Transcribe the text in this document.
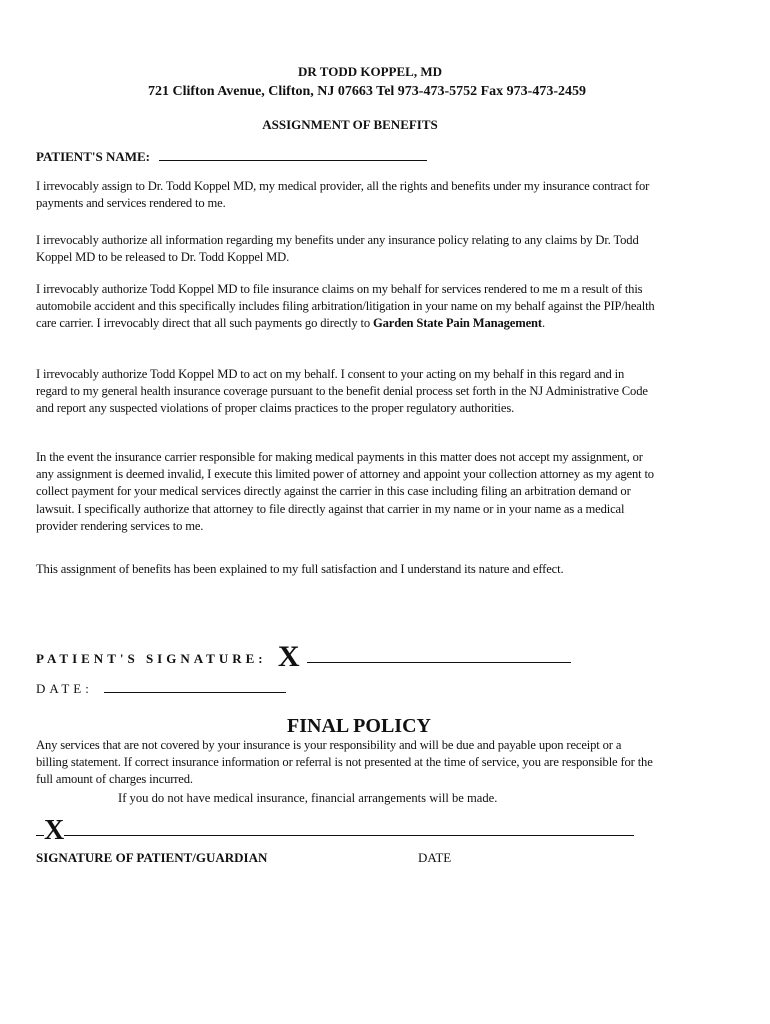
DR TODD KOPPEL, MD
721 Clifton Avenue, Clifton, NJ 07663 Tel 973-473-5752 Fax 973-473-2459
ASSIGNMENT OF BENEFITS
PATIENT'S NAME:
I irrevocably assign to Dr. Todd Koppel MD, my medical provider, all the rights and benefits under my insurance contract for payments and services rendered to me.
I irrevocably authorize all information regarding my benefits under any insurance policy relating to any claims by Dr. Todd Koppel MD to be released to Dr. Todd Koppel MD.
I irrevocably authorize Todd Koppel MD to file insurance claims on my behalf for services rendered to me m a result of this automobile accident and this specifically includes filing arbitration/litigation in your name on my behalf against the PIP/health care carrier. I irrevocably direct that all such payments go directly to Garden State Pain Management.
I irrevocably authorize Todd Koppel MD to act on my behalf. I consent to your acting on my behalf in this regard and in regard to my general health insurance coverage pursuant to the benefit denial process set forth in the NJ Administrative Code and report any suspected violations of proper claims practices to the proper regulatory authorities.
In the event the insurance carrier responsible for making medical payments in this matter does not accept my assignment, or any assignment is deemed invalid, I execute this limited power of attorney and appoint your collection attorney as my agent to collect payment for your medical services directly against the carrier in this case including filing an arbitration demand or lawsuit. I specifically authorize that attorney to file directly against that carrier in my name or in your name as a medical provider rendering services to me.
This assignment of benefits has been explained to my full satisfaction and I understand its nature and effect.
PATIENT'S SIGNATURE: X
DATE:
FINAL POLICY
Any services that are not covered by your insurance is your responsibility and will be due and payable upon receipt or a billing statement. If correct insurance information or referral is not presented at the time of service, you are responsible for the full amount of charges incurred.
If you do not have medical insurance, financial arrangements will be made.
X
SIGNATURE OF PATIENT/GUARDIAN	DATE
